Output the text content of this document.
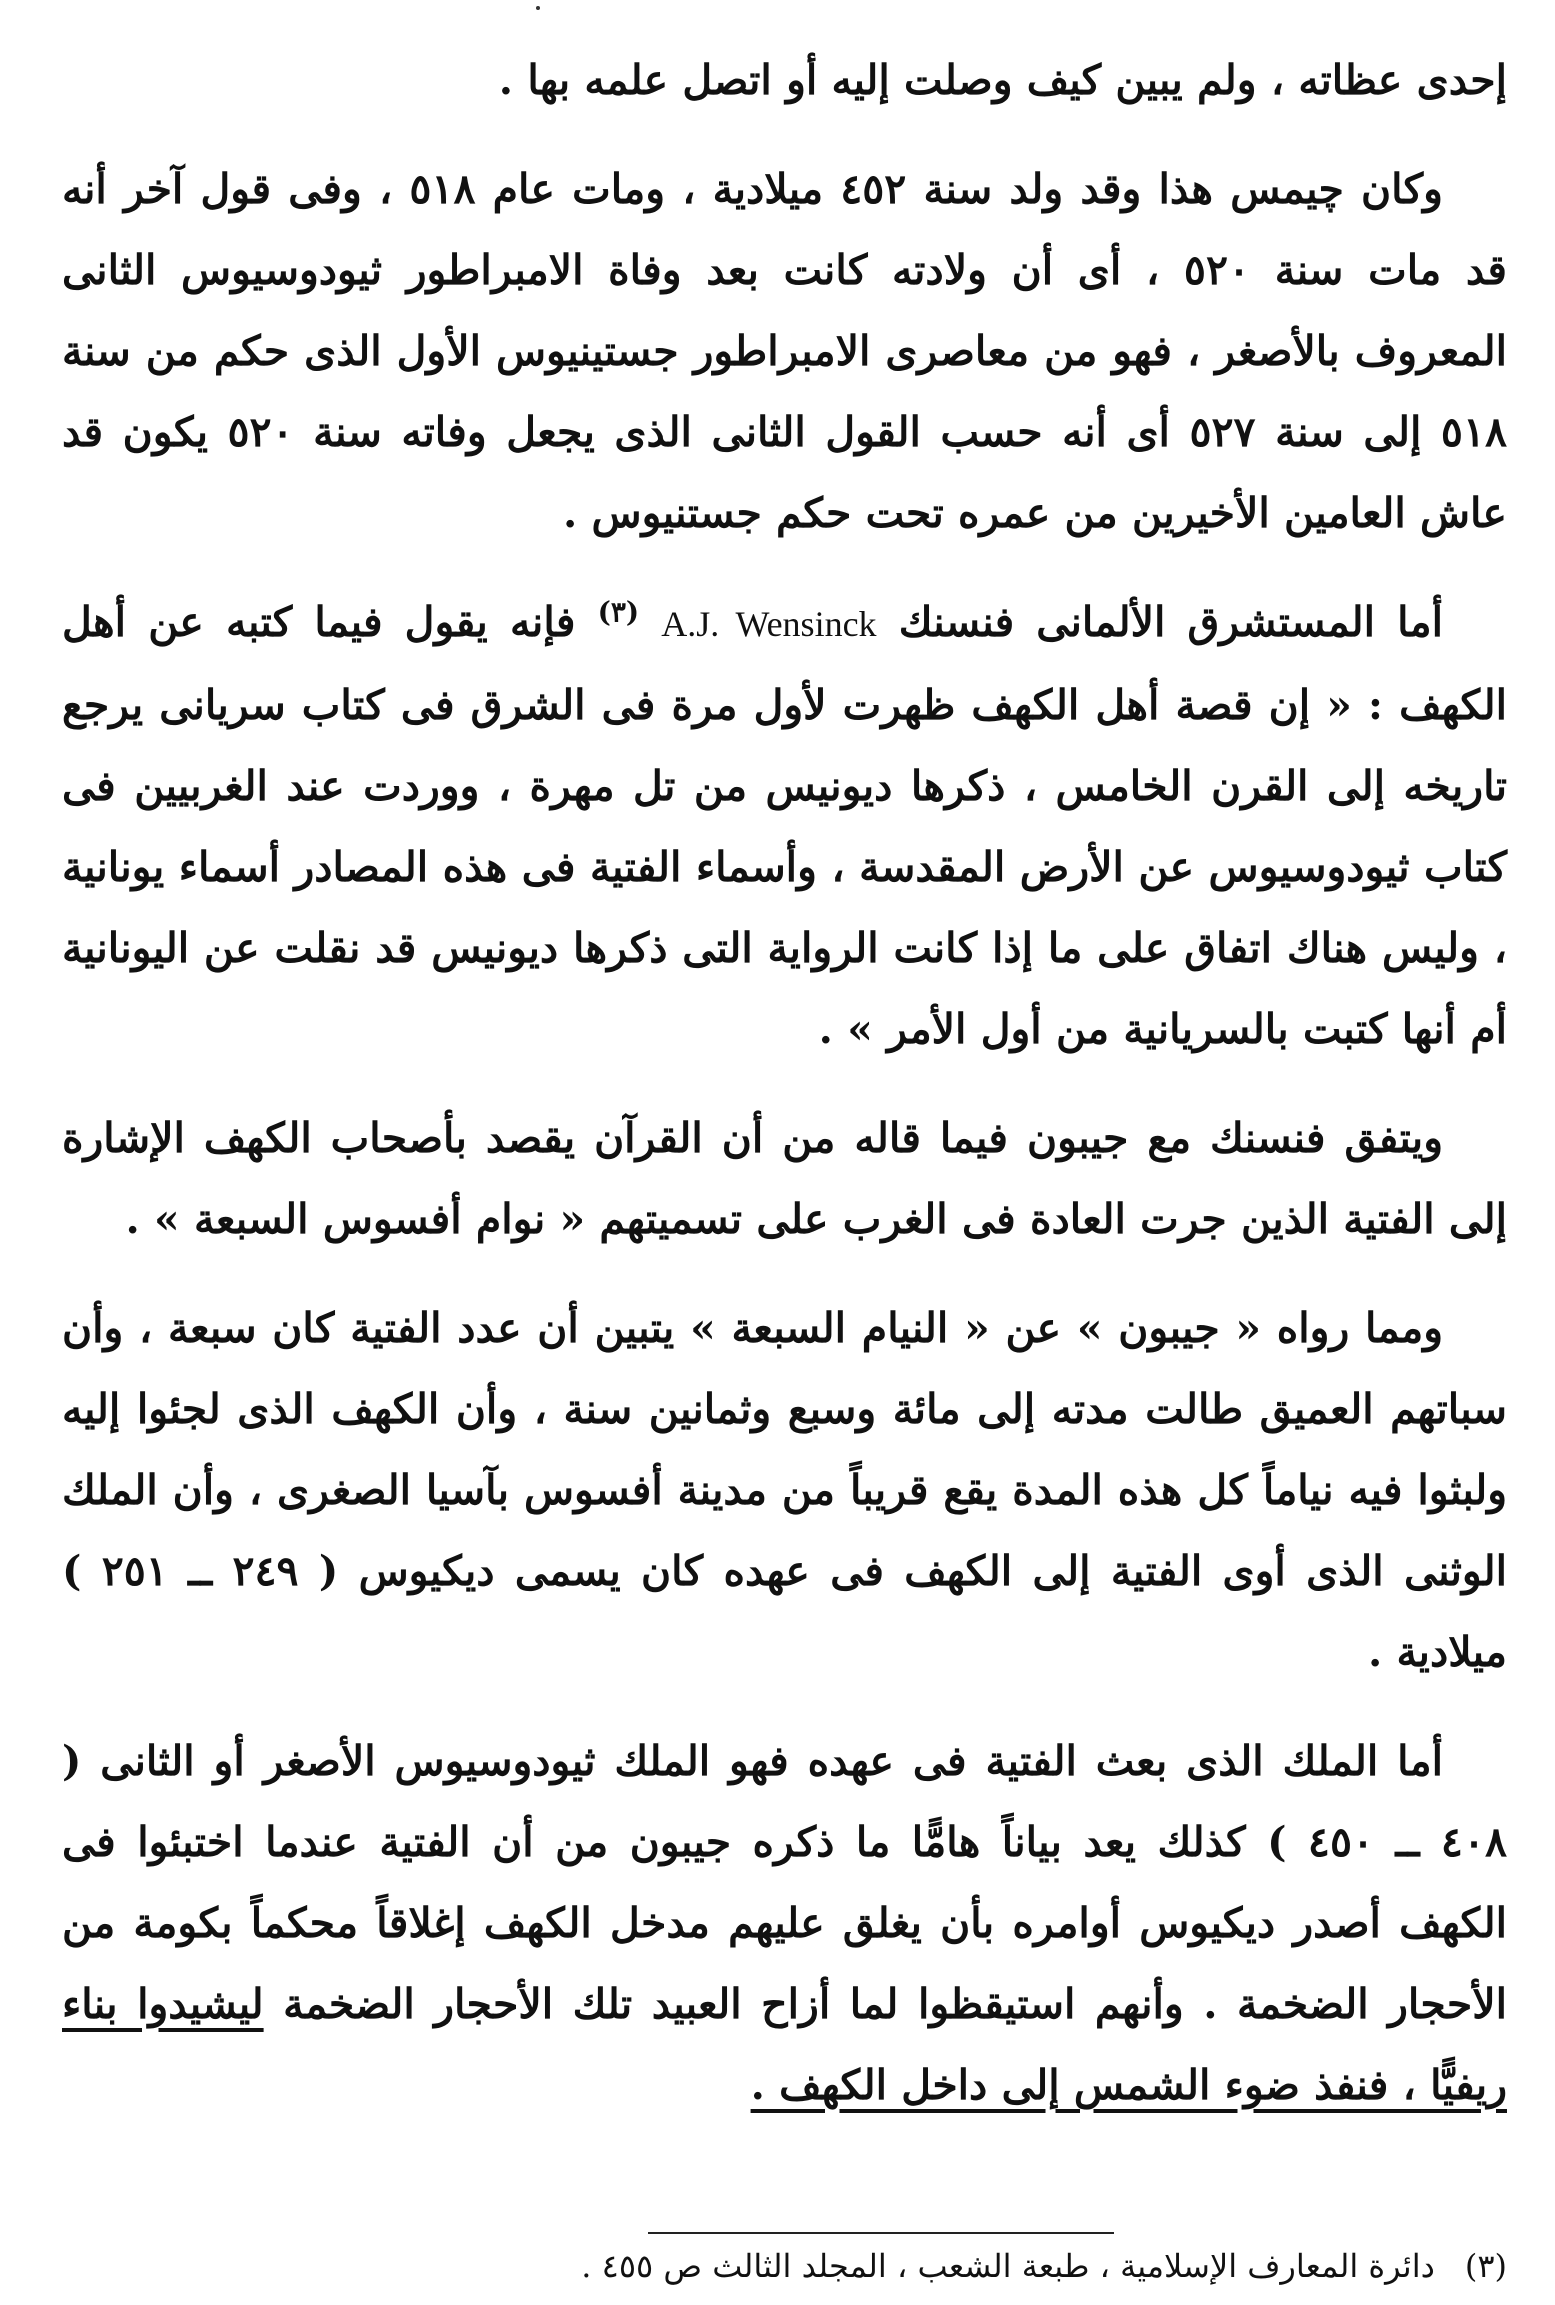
إحدى عظاته ، ولم يبين كيف وصلت إليه أو اتصل علمه بها .

وكان چيمس هذا وقد ولد سنة ٤٥٢ ميلادية ، ومات عام ٥١٨ ، وفى قول آخر أنه قد مات سنة ٥٢٠ ، أى أن ولادته كانت بعد وفاة الامبراطور ثيودوسيوس الثانى المعروف بالأصغر ، فهو من معاصرى الامبراطور جستينيوس الأول الذى حكم من سنة ٥١٨ إلى سنة ٥٢٧ أى أنه حسب القول الثانى الذى يجعل وفاته سنة ٥٢٠ يكون قد عاش العامين الأخيرين من عمره تحت حكم جستنيوس .

أما المستشرق الألمانى فنسنك A.J. Wensinck $^{(٣)}$ فإنه يقول فيما كتبه عن أهل الكهف : « إن قصة أهل الكهف ظهرت لأول مرة فى الشرق فى كتاب سريانى يرجع تاريخه إلى القرن الخامس ، ذكرها ديونيس من تل مهرة ، ووردت عند الغربيين فى كتاب ثيودوسيوس عن الأرض المقدسة ، وأسماء الفتية فى هذه المصادر أسماء يونانية ، وليس هناك اتفاق على ما إذا كانت الرواية التى ذكرها ديونيس قد نقلت عن اليونانية أم أنها كتبت بالسريانية من أول الأمر » .

ويتفق فنسنك مع جيبون فيما قاله من أن القرآن يقصد بأصحاب الكهف الإشارة إلى الفتية الذين جرت العادة فى الغرب على تسميتهم « نوام أفسوس السبعة » .

ومما رواه « جيبون » عن « النيام السبعة » يتبين أن عدد الفتية كان سبعة ، وأن سباتهم العميق طالت مدته إلى مائة وسبع وثمانين سنة ، وأن الكهف الذى لجئوا إليه ولبثوا فيه نياماً كل هذه المدة يقع قريباً من مدينة أفسوس بآسيا الصغرى ، وأن الملك الوثنى الذى أوى الفتية إلى الكهف فى عهده كان يسمى ديكيوس ( ٢٤٩ ــ ٢٥١ ) ميلادية .

أما الملك الذى بعث الفتية فى عهده فهو الملك ثيودوسيوس الأصغر أو الثانى ( ٤٠٨ ــ ٤٥٠ ) كذلك يعد بياناً هامًّا ما ذكره جيبون من أن الفتية عندما اختبئوا فى الكهف أصدر ديكيوس أوامره بأن يغلق عليهم مدخل الكهف إغلاقاً محكماً بكومة من الأحجار الضخمة . وأنهم استيقظوا لما أزاح العبيد تلك الأحجار الضخمة ليشيدوا بناء ريفيًّا ، فنفذ ضوء الشمس إلى داخل الكهف .

(٣)دائرة المعارف الإسلامية ، طبعة الشعب ، المجلد الثالث ص ٤٥٥ .
